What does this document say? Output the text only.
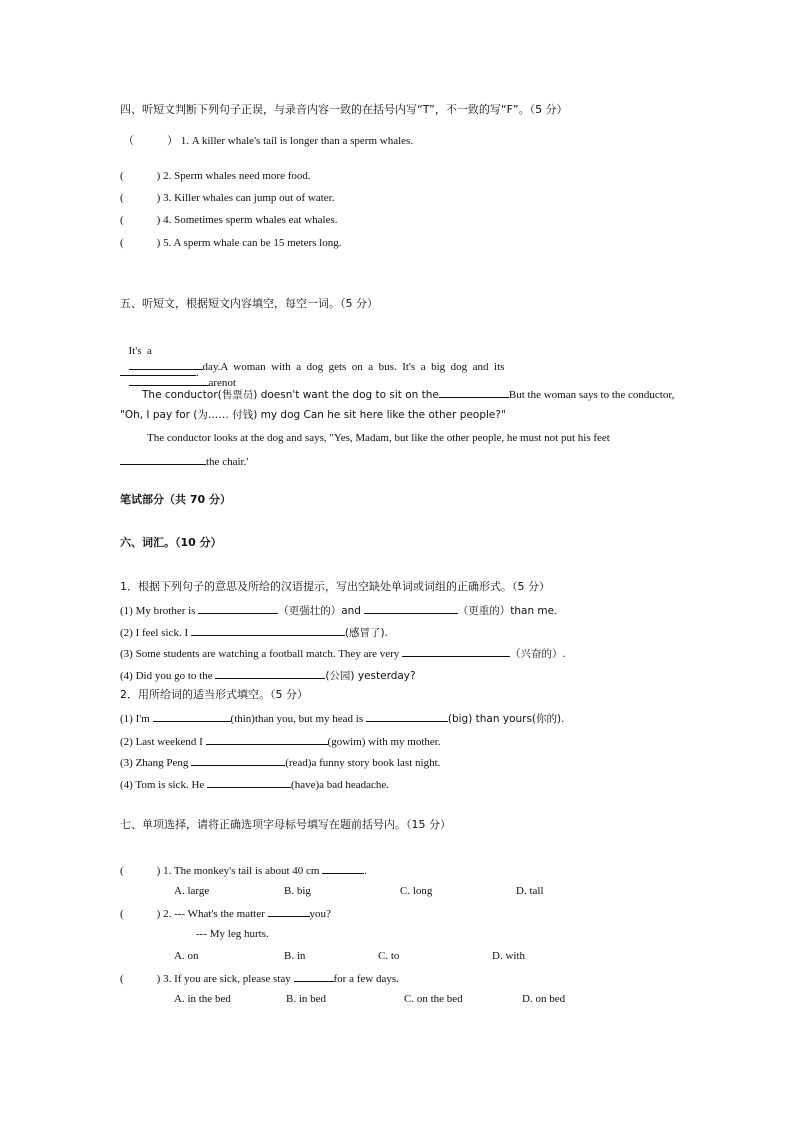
四、听短文判断下列句子正误，与录音内容一致的在括号内写“T”，不一致的写“F”。（5 分）
（            ） 1. A killer whale's tail is longer than a sperm whales.
(            ) 2. Sperm whales need more food.
(            ) 3. Killer whales can jump out of water.
(            ) 4. Sometimes sperm whales eat whales.
(            ) 5. A sperm whale can be 15 meters long.
五、听短文，根据短文内容填空，每空一词。（5 分）

It's  a
day.A  woman  with  a  dog  gets  on  a  bus.  It's  a  big  dog  and  its
arenot

.
The conductor(售票员) doesn't want the dog to sit on the	But the woman says to the conductor,
"Oh, I pay for (为…… 付钱) my dog Can he sit here like the other people?"
The conductor looks at the dog and says, "Yes, Madam, but like the other people, he must not put his feet
the chair.'
笔试部分（共 70 分）
六、词汇。（10 分）
1．根据下列句子的意思及所给的汉语提示，写出空缺处单词或词组的正确形式。（5 分）
(1) My brother is	（更强壮的）and	（更重的）than me.
(2) I feel sick. I	(感冒了).
(3) Some students are watching a football match. They are very	（兴奋的）.
(4) Did you go to the	(公园) yesterday?
2．用所给词的适当形式填空。（5 分）
(1) I'm	(thin)than you, but my head is	(big) than yours(你的).
(2) Last weekend I	(gowim) with my mother.
(3) Zhang Peng	(read)a funny story book last night.
(4) Tom is sick. He	(have)a bad headache.
七、单项选择，请将正确选项字母标号填写在题前括号内。（15 分）
(            ) 1. The monkey's tail is about 40 cm	.
A. large	B. big	C. long	D. tall
(            ) 2. --- What's the matter	you?
--- My leg hurts.
A. on	B. in	C. to	D. with
(            ) 3. If you are sick, please stay	for a few days.
A. in the bed	B. in bed	C. on the bed	D. on bed
